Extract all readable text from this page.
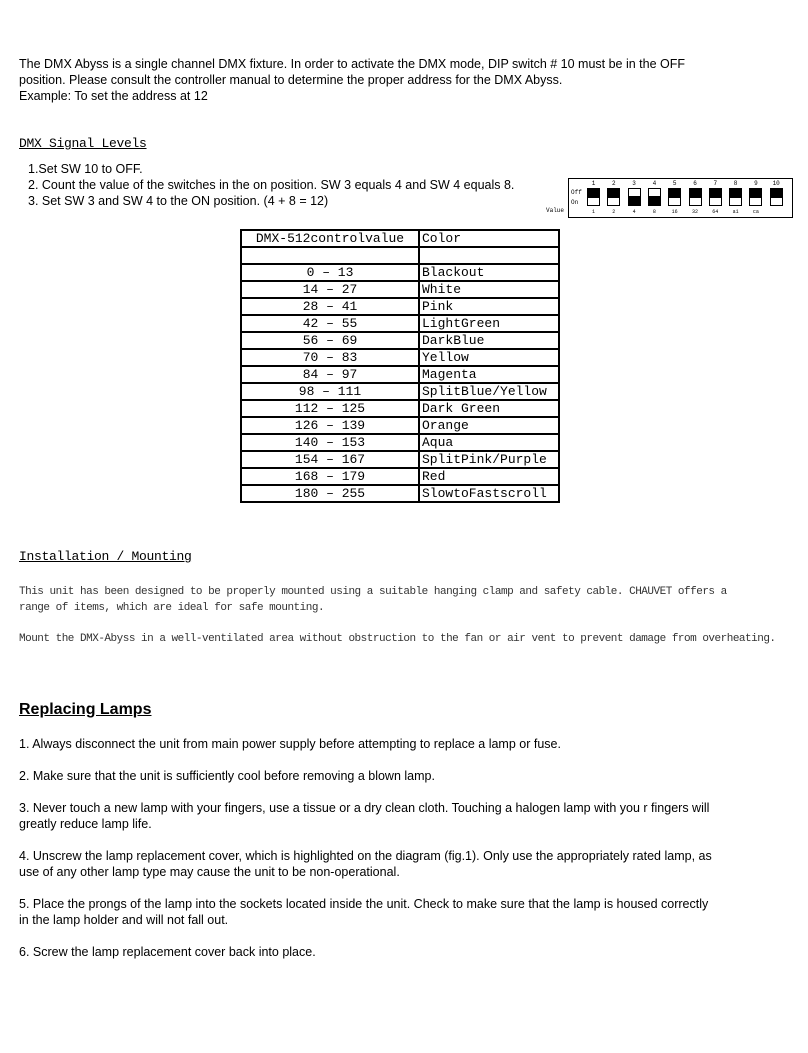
The DMX Abyss is a single channel DMX fixture. In order to activate the DMX mode, DIP switch # 10 must be in the OFF
position. Please consult the controller manual to determine the proper address for the DMX Abyss.
Example: To set the address at 12
DMX Signal Levels
1.Set SW 10 to OFF.
2. Count the value of the switches in the on position. SW 3 equals 4 and SW 4 equals 8.
3. Set SW 3 and SW 4 to the ON position. (4 + 8 = 12)
Value
Off
On
1
1
2
2
3
4
4
8
5
16
6
32
7
64
8
a1
9
ca
10
DMX-512controlvalue	Color

0 – 13	Blackout
14 – 27	White
28 – 41	Pink
42 – 55	LightGreen
56 – 69	DarkBlue
70 – 83	Yellow
84 – 97	Magenta
98 – 111	SplitBlue/Yellow
112 – 125	Dark Green
126 – 139	Orange
140 – 153	Aqua
154 – 167	SplitPink/Purple
168 – 179	Red
180 – 255	SlowtoFastscroll
Installation / Mounting
This unit has been designed to be properly mounted using a suitable hanging clamp and safety cable. CHAUVET offers a
range of items, which are ideal for safe mounting.
Mount the DMX-Abyss in a well-ventilated area without obstruction to the fan or air vent to prevent damage from overheating.
Replacing Lamps
1. Always disconnect the unit from main power supply before attempting to replace a lamp or fuse.
2. Make sure that the unit is sufficiently cool before removing a blown lamp.
3. Never touch a new lamp with your fingers, use a tissue or a dry clean cloth. Touching a halogen lamp with you r fingers will
greatly reduce lamp life.
4. Unscrew the lamp replacement cover, which is highlighted on the diagram (fig.1). Only use the appropriately rated lamp, as
use of any other lamp type may cause the unit to be non-operational.
5. Place the prongs of the lamp into the sockets located inside the unit. Check to make sure that the lamp is housed correctly
in the lamp holder and will not fall out.
6. Screw the lamp replacement cover back into place.
